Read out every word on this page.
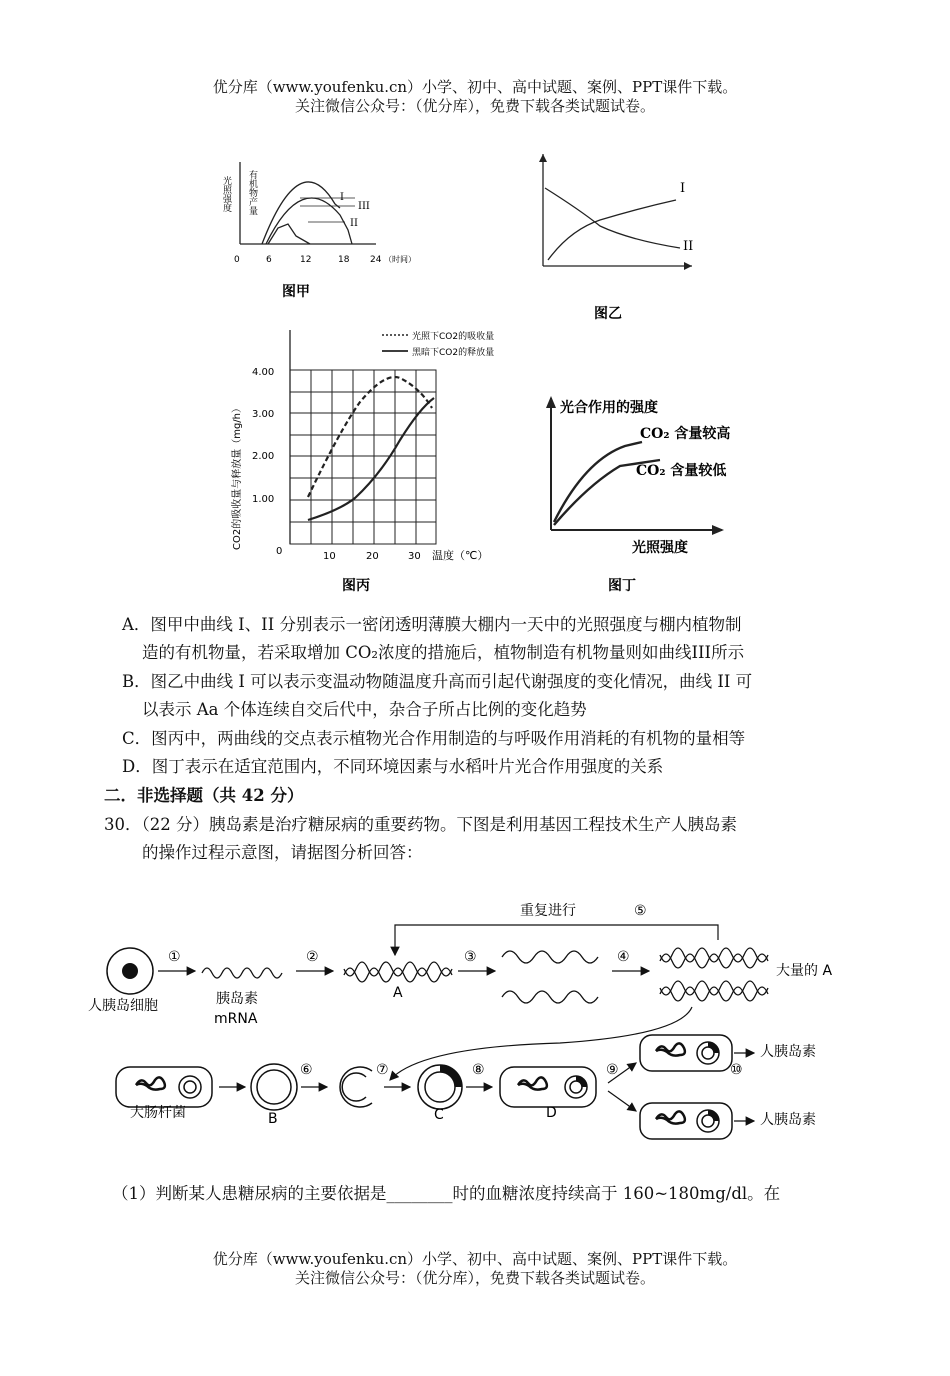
优分库（www.youfenku.cn）小学、初中、高中试题、案例、PPT课件下载。
关注微信公众号：（优分库），免费下载各类试题试卷。
光照强度 有机物产量	I
III
II
0	6	12	18 24 （时间）
图甲
I
II
图乙
光照下CO2的吸收量
黑暗下CO2的释放量
CO2的吸收量与释放量（mg/h）
4.00
3.00
2.00
1.00
0	10	20	30 温度（℃）
图丙
光合作用的强度
CO₂ 含量较高
CO₂ 含量较低
光照强度
图丁
A．图甲中曲线 I、II 分别表示一密闭透明薄膜大棚内一天中的光照强度与棚内植物制
造的有机物量，若采取增加 CO₂浓度的措施后，植物制造有机物量则如曲线III所示
B．图乙中曲线 I 可以表示变温动物随温度升高而引起代谢强度的变化情况，曲线 II 可
以表示 Aa 个体连续自交后代中，杂合子所占比例的变化趋势
C．图丙中，两曲线的交点表示植物光合作用制造的与呼吸作用消耗的有机物的量相等
D．图丁表示在适宜范围内，不同环境因素与水稻叶片光合作用强度的关系
二．非选择题（共 42 分）
30．（22 分）胰岛素是治疗糖尿病的重要药物。下图是利用基因工程技术生产人胰岛素
的操作过程示意图，请据图分析回答：
重复进行	⑤
人胰岛细胞
①
胰岛素
mRNA
②
A
③	④
大量的 A
大肠杆菌	B
⑥	⑦
C
⑧
D
⑨
人胰岛素
⑩
人胰岛素
（1）判断某人患糖尿病的主要依据是________时的血糖浓度持续高于 160~180mg/dl。在
优分库（www.youfenku.cn）小学、初中、高中试题、案例、PPT课件下载。
关注微信公众号：（优分库），免费下载各类试题试卷。
